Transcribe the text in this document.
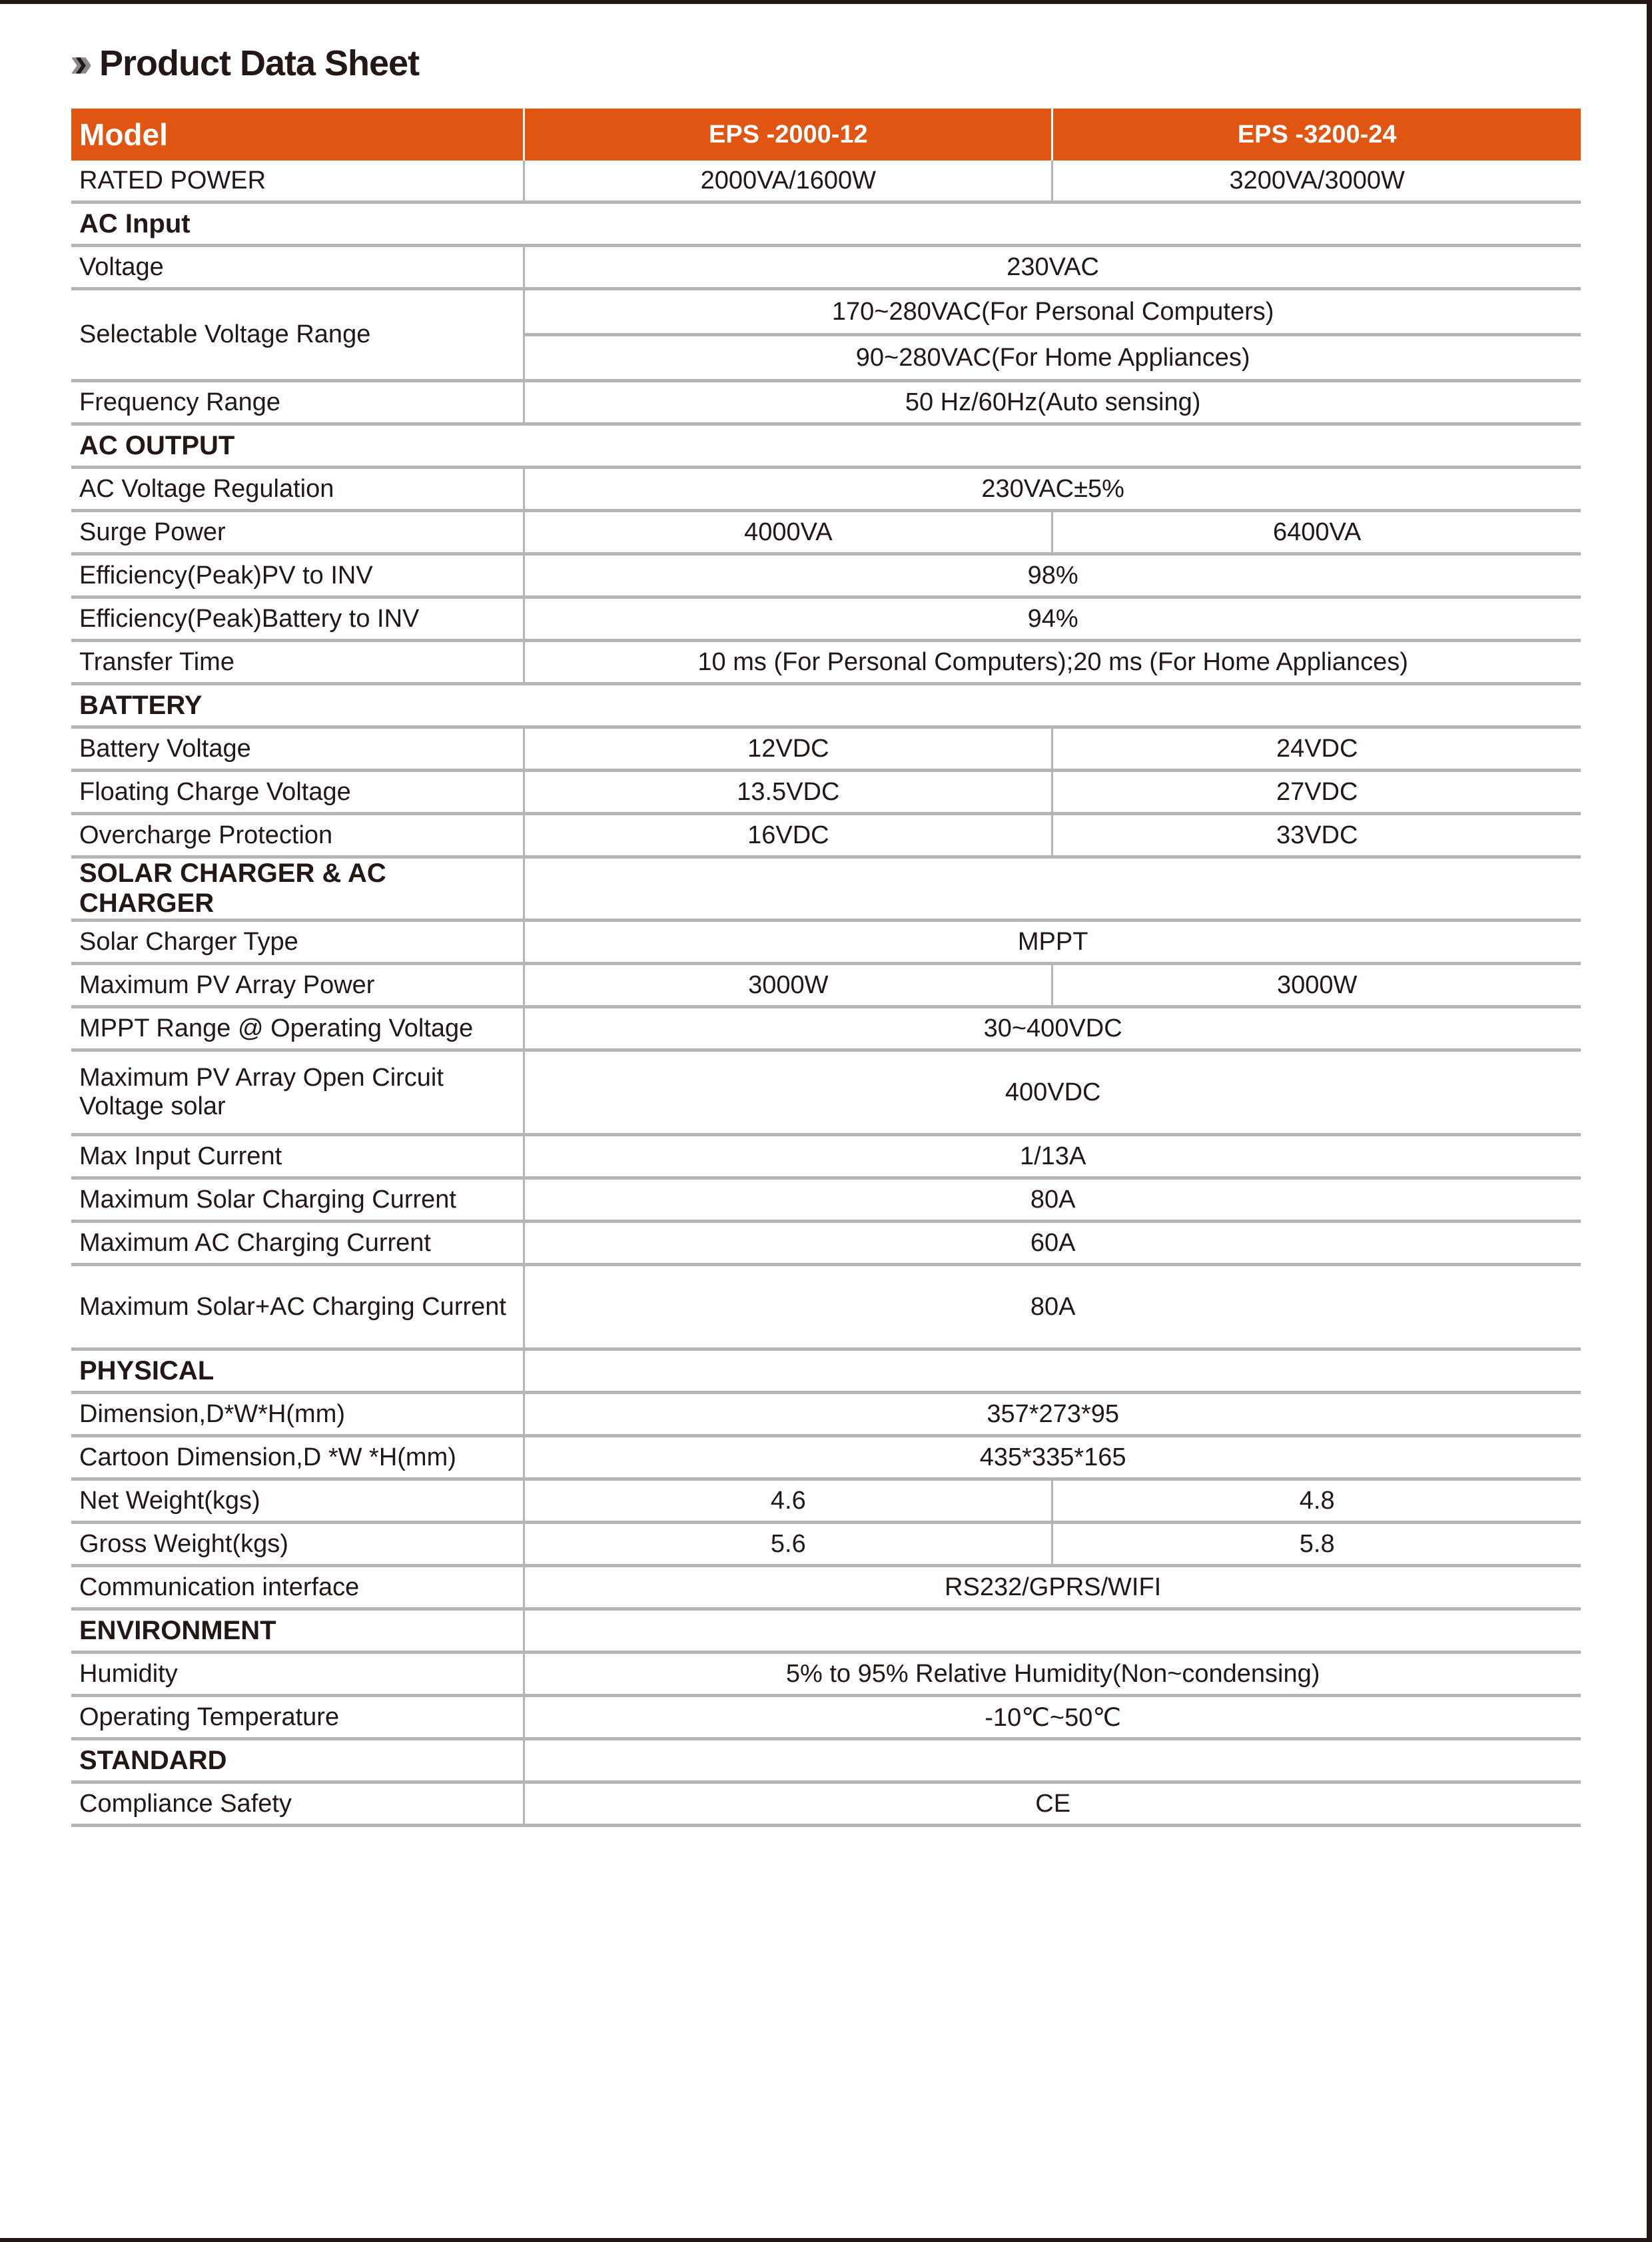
››› Product Data Sheet
Model	EPS -2000-12	EPS -3200-24
RATED POWER	2000VA/1600W	3200VA/3000W
AC Input		
Voltage	230VAC	
Selectable Voltage Range	170~280VAC(For Personal Computers)	
	90~280VAC(For Home Appliances)	
Frequency Range	50 Hz/60Hz(Auto sensing)	
AC OUTPUT		
AC Voltage Regulation	230VAC±5%	
Surge Power	4000VA	6400VA
Efficiency(Peak)PV to INV	98%	
Efficiency(Peak)Battery to INV	94%	
Transfer Time	10 ms (For Personal Computers);20 ms (For Home Appliances)	
BATTERY		
Battery Voltage	12VDC	24VDC
Floating Charge Voltage	13.5VDC	27VDC
Overcharge Protection	16VDC	33VDC
SOLAR CHARGER & AC CHARGER		
Solar Charger Type	MPPT	
Maximum PV Array Power	3000W	3000W
MPPT Range @ Operating Voltage	30~400VDC	
Maximum PV Array Open Circuit Voltage solar	400VDC	
Max Input Current	1/13A	
Maximum Solar Charging Current	80A	
Maximum AC Charging Current	60A	
Maximum Solar+AC Charging Current	80A	
PHYSICAL		
Dimension,D*W*H(mm)	357*273*95	
Cartoon Dimension,D *W *H(mm)	435*335*165	
Net Weight(kgs)	4.6	4.8
Gross Weight(kgs)	5.6	5.8
Communication interface	RS232/GPRS/WIFI	
ENVIRONMENT		
Humidity	5% to 95% Relative Humidity(Non~condensing)	
Operating Temperature	-10℃~50℃	
STANDARD		
Compliance Safety	CE	
